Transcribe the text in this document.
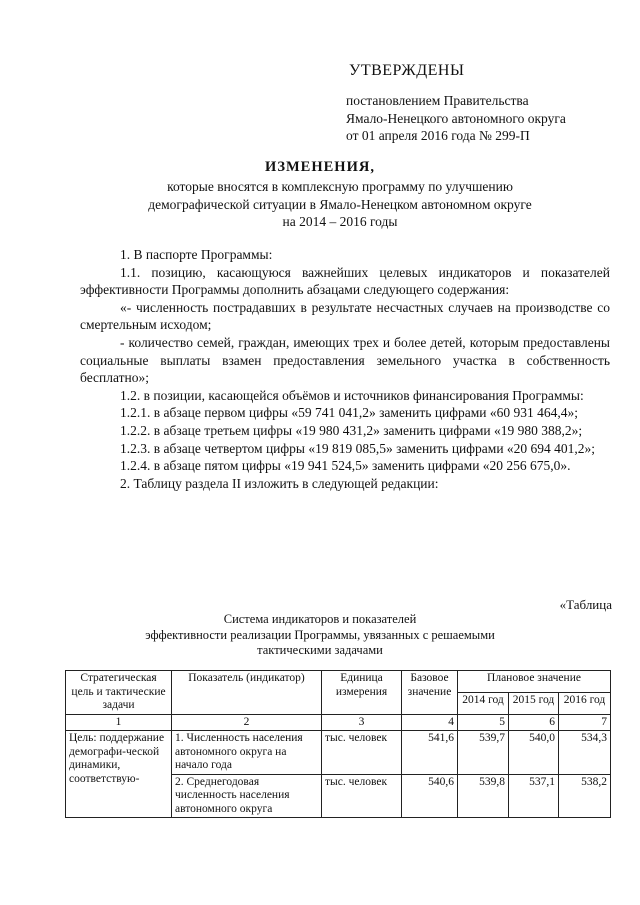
УТВЕРЖДЕНЫ
постановлением Правительства
Ямало-Ненецкого автономного округа
от 01 апреля 2016 года № 299-П
ИЗМЕНЕНИЯ,
которые вносятся в комплексную программу по улучшению
демографической ситуации в Ямало-Ненецком автономном округе
на 2014 – 2016 годы

1. В паспорте Программы:

1.1. позицию, касающуюся важнейших целевых индикаторов и показателей эффективности Программы дополнить абзацами следующего содержания:

«- численность пострадавших в результате несчастных случаев на производстве со смертельным исходом;

- количество семей, граждан, имеющих трех и более детей, которым предоставлены социальные выплаты взамен предоставления земельного участка в собственность бесплатно»;

1.2. в позиции, касающейся объёмов и источников финансирования Программы:

1.2.1. в абзаце первом цифры «59 741 041,2» заменить цифрами «60 931 464,4»;

1.2.2. в абзаце третьем цифры «19 980 431,2» заменить цифрами «19 980 388,2»;

1.2.3. в абзаце четвертом цифры «19 819 085,5» заменить цифрами «20 694 401,2»;

1.2.4. в абзаце пятом цифры «19 941 524,5» заменить цифрами «20 256 675,0».

2. Таблицу раздела II изложить в следующей редакции:

«Таблица
Система индикаторов и показателей
эффективности реализации Программы, увязанных с решаемыми
тактическими задачами
Стратегическая цель и тактические задачи	Показатель (индикатор)	Единица измерения	Базовое значение	Плановое значение		
				2014 год	2015 год	2016 год
1	2	3	4	5	6	7
Цель: поддержание демографи-ческой динамики, соответствую-	1. Численность населения автономного округа на начало года	тыс. человек	541,6	539,7	540,0	534,3
	2. Среднегодовая численность населения автономного округа	тыс. человек	540,6	539,8	537,1	538,2
